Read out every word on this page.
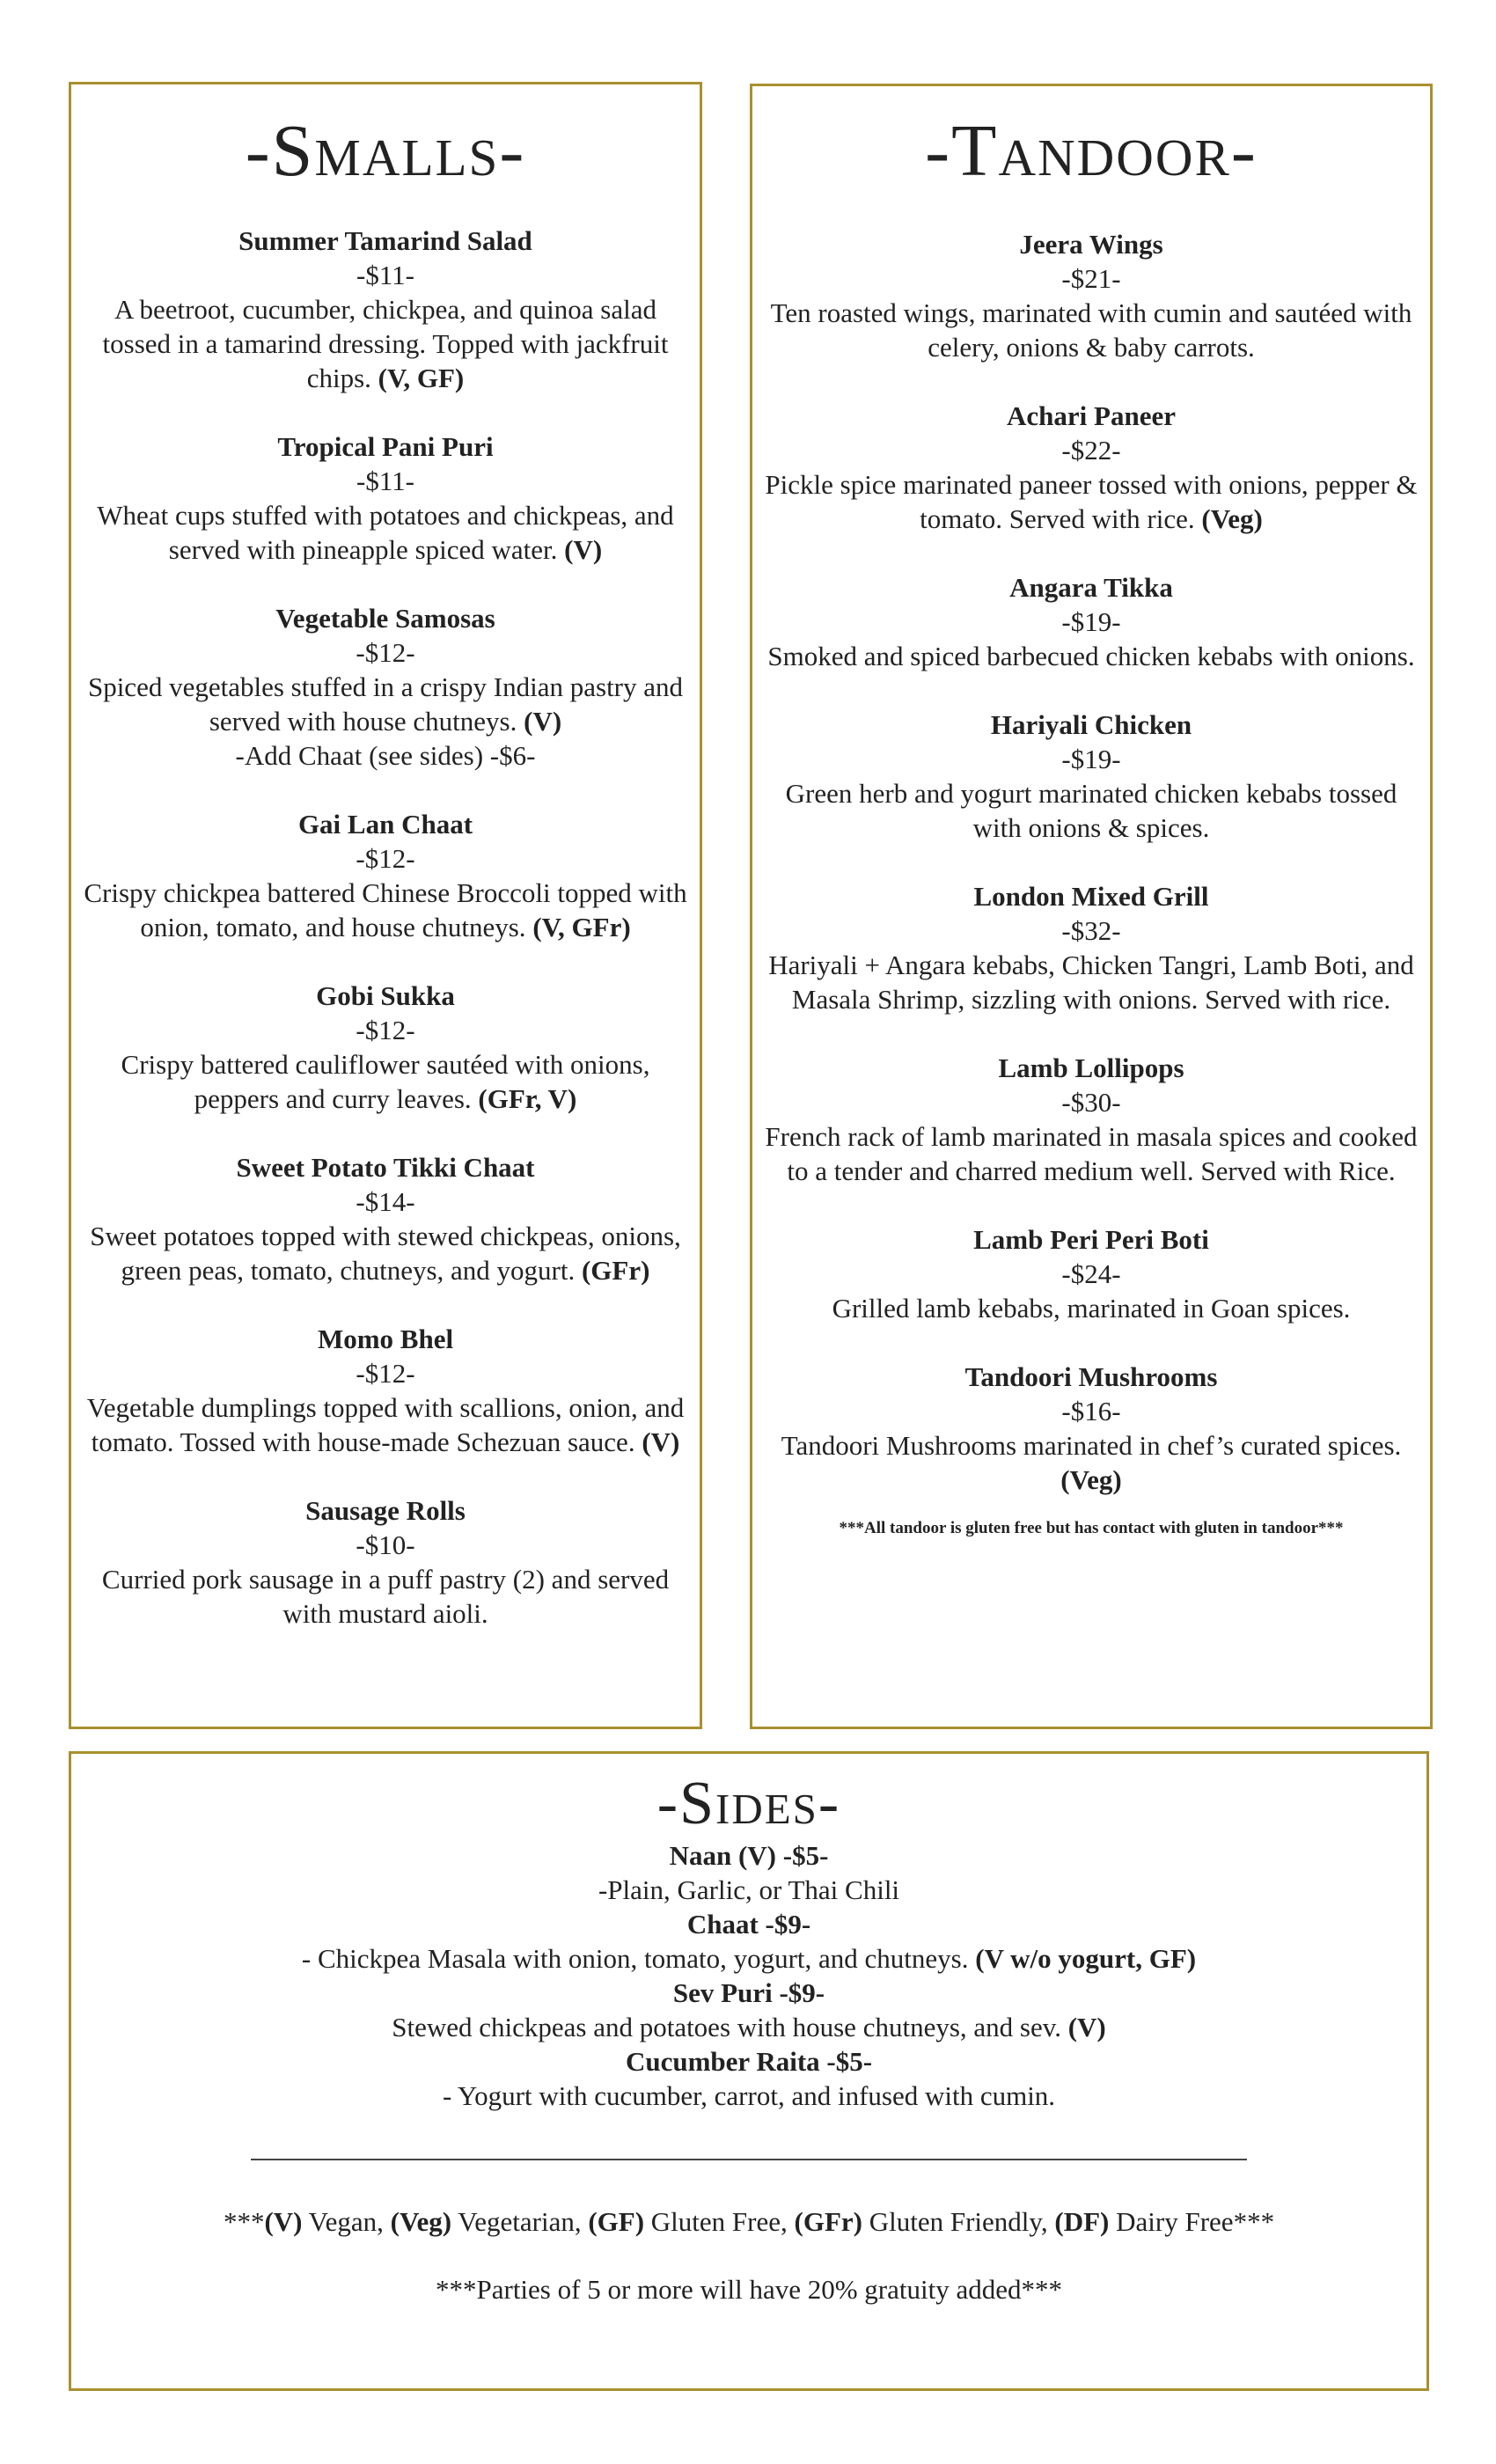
-Smalls-
Summer Tamarind Salad
-$11-
A beetroot, cucumber, chickpea, and quinoa salad tossed in a tamarind dressing. Topped with jackfruit chips. (V, GF)
Tropical Pani Puri
-$11-
Wheat cups stuffed with potatoes and chickpeas, and served with pineapple spiced water. (V)
Vegetable Samosas
-$12-
Spiced vegetables stuffed in a crispy Indian pastry and served with house chutneys. (V)
-Add Chaat (see sides) -$6-
Gai Lan Chaat
-$12-
Crispy chickpea battered Chinese Broccoli topped with onion, tomato, and house chutneys. (V, GFr)
Gobi Sukka
-$12-
Crispy battered cauliflower sautéed with onions, peppers and curry leaves. (GFr, V)
Sweet Potato Tikki Chaat
-$14-
Sweet potatoes topped with stewed chickpeas, onions, green peas, tomato, chutneys, and yogurt. (GFr)
Momo Bhel
-$12-
Vegetable dumplings topped with scallions, onion, and tomato. Tossed with house-made Schezuan sauce. (V)
Sausage Rolls
-$10-
Curried pork sausage in a puff pastry (2) and served with mustard aioli.
-Tandoor-
Jeera Wings
-$21-
Ten roasted wings, marinated with cumin and sautéed with celery, onions & baby carrots.
Achari Paneer
-$22-
Pickle spice marinated paneer tossed with onions, pepper & tomato. Served with rice. (Veg)
Angara Tikka
-$19-
Smoked and spiced barbecued chicken kebabs with onions.
Hariyali Chicken
-$19-
Green herb and yogurt marinated chicken kebabs tossed with onions & spices.
London Mixed Grill
-$32-
Hariyali + Angara kebabs, Chicken Tangri, Lamb Boti, and Masala Shrimp, sizzling with onions. Served with rice.
Lamb Lollipops
-$30-
French rack of lamb marinated in masala spices and cooked to a tender and charred medium well. Served with Rice.
Lamb Peri Peri Boti
-$24-
Grilled lamb kebabs, marinated in Goan spices.
Tandoori Mushrooms
-$16-
Tandoori Mushrooms marinated in chef’s curated spices. (Veg)
***All tandoor is gluten free but has contact with gluten in tandoor***
-Sides-
Naan (V) -$5-
-Plain, Garlic, or Thai Chili
Chaat -$9-
- Chickpea Masala with onion, tomato, yogurt, and chutneys. (V w/o yogurt, GF)
Sev Puri -$9-
Stewed chickpeas and potatoes with house chutneys, and sev. (V)
Cucumber Raita -$5-
- Yogurt with cucumber, carrot, and infused with cumin.
***(V) Vegan, (Veg) Vegetarian, (GF) Gluten Free, (GFr) Gluten Friendly, (DF) Dairy Free***
***Parties of 5 or more will have 20% gratuity added***
